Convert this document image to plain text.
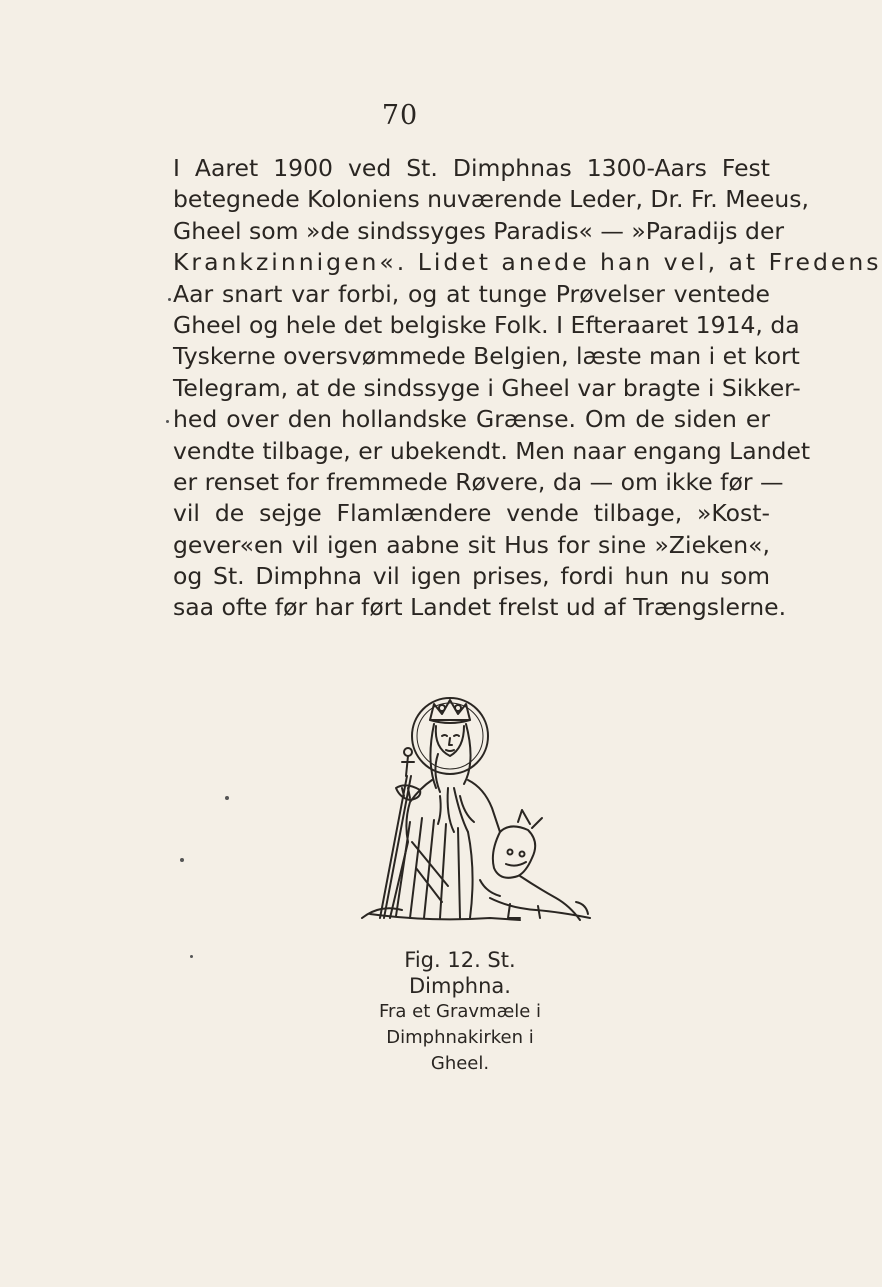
70
I Aaret 1900 ved St. Dimphnas 1300-Aars Fest
betegnede Koloniens nuværende Leder, Dr. Fr. Meeus,
Gheel som »de sindssyges Paradis« — »Paradijs der
Krankzinnigen«. Lidet anede han vel, at Fredens
Aar snart var forbi, og at tunge Prøvelser ventede
Gheel og hele det belgiske Folk. I Efteraaret 1914, da
Tyskerne oversvømmede Belgien, læste man i et kort
Telegram, at de sindssyge i Gheel var bragte i Sikker-
hed over den hollandske Grænse. Om de siden er
vendte tilbage, er ubekendt. Men naar engang Landet
er renset for fremmede Røvere, da — om ikke før —
vil de sejge Flamlændere vende tilbage, »Kost-
gever«en vil igen aabne sit Hus for sine »Zieken«,
og St. Dimphna vil igen prises, fordi hun nu som
saa ofte før har ført Landet frelst ud af Trængslerne.
Fig. 12. St. Dimphna.
Fra et Gravmæle i
Dimphnakirken i Gheel.
